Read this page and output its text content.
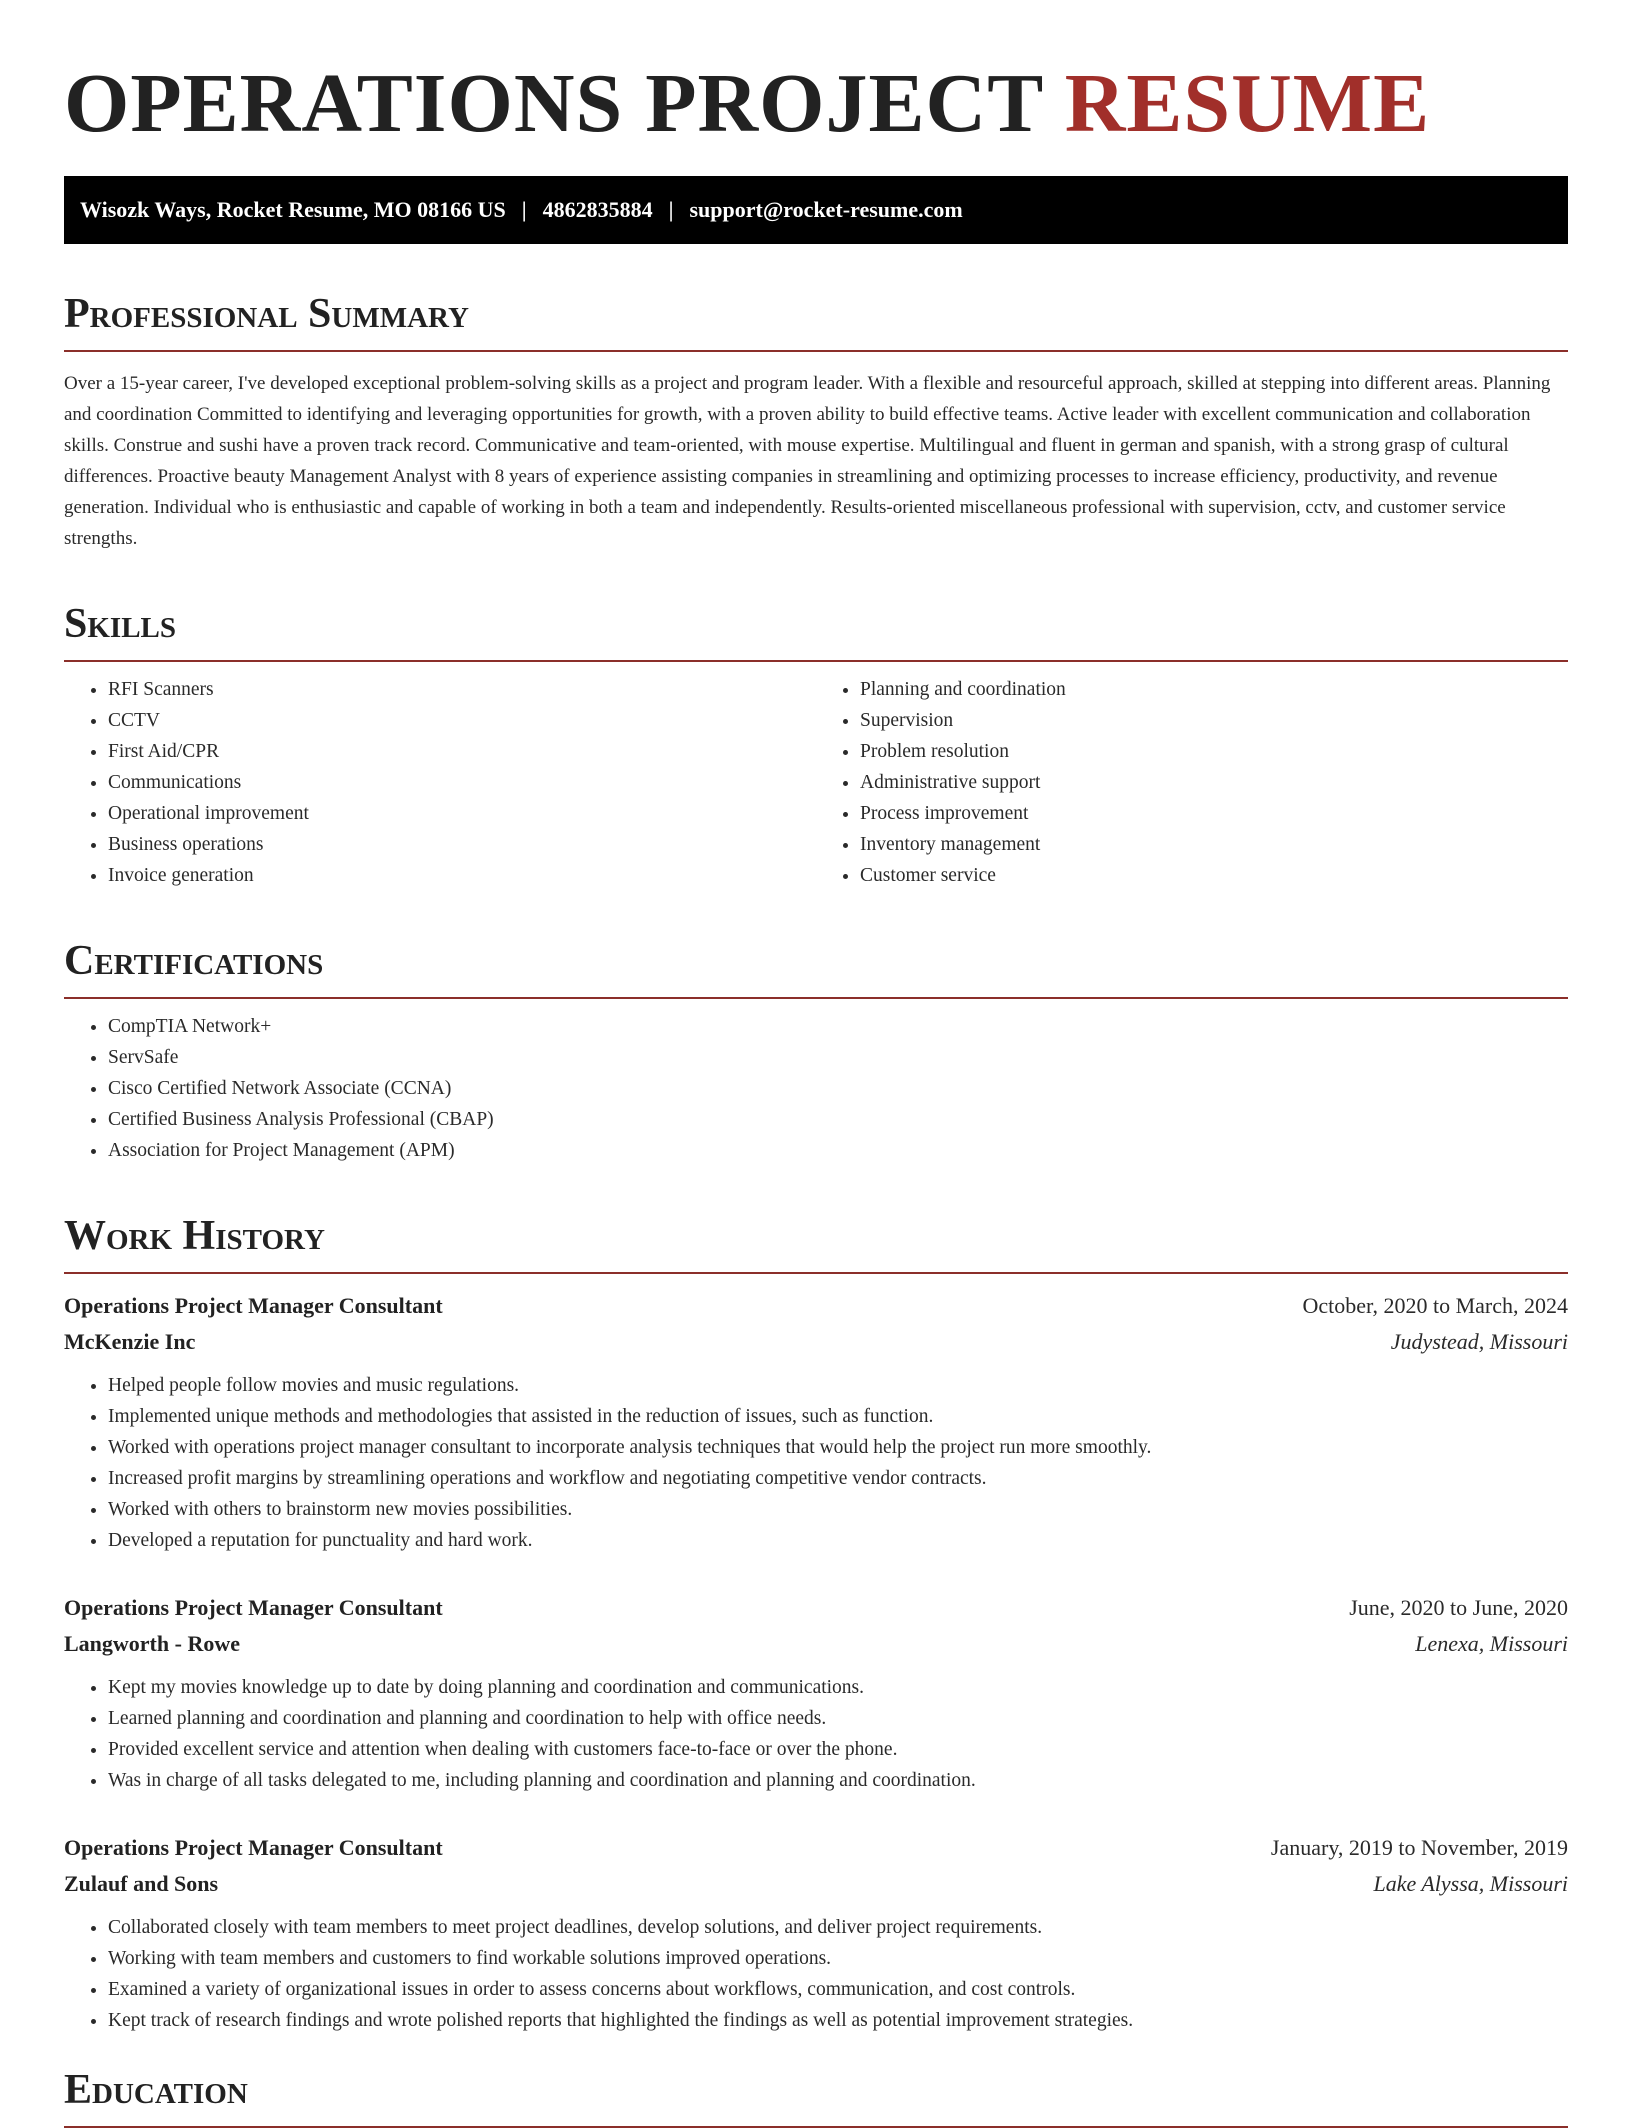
OPERATIONS PROJECT RESUME
Wisozk Ways, Rocket Resume, MO 08166 US | 4862835884 | support@rocket-resume.com
Professional Summary

Over a 15-year career, I've developed exceptional problem-solving skills as a project and program leader. With a flexible and resourceful approach, skilled at stepping into different areas. Planning and coordination Committed to identifying and leveraging opportunities for growth, with a proven ability to build effective teams. Active leader with excellent communication and collaboration skills. Construe and sushi have a proven track record. Communicative and team-oriented, with mouse expertise. Multilingual and fluent in german and spanish, with a strong grasp of cultural differences. Proactive beauty Management Analyst with 8 years of experience assisting companies in streamlining and optimizing processes to increase efficiency, productivity, and revenue generation. Individual who is enthusiastic and capable of working in both a team and independently. Results-oriented miscellaneous professional with supervision, cctv, and customer service strengths.

Skills
• RFI Scanners
• CCTV
• First Aid/CPR
• Communications
• Operational improvement
• Business operations
• Invoice generation
• Planning and coordination
• Supervision
• Problem resolution
• Administrative support
• Process improvement
• Inventory management
• Customer service
Certifications
• CompTIA Network+
• ServSafe
• Cisco Certified Network Associate (CCNA)
• Certified Business Analysis Professional (CBAP)
• Association for Project Management (APM)
Work History
Operations Project Manager Consultant	October, 2020 to March, 2024
McKenzie Inc	Judystead, Missouri
• Helped people follow movies and music regulations.
• Implemented unique methods and methodologies that assisted in the reduction of issues, such as function.
• Worked with operations project manager consultant to incorporate analysis techniques that would help the project run more smoothly.
• Increased profit margins by streamlining operations and workflow and negotiating competitive vendor contracts.
• Worked with others to brainstorm new movies possibilities.
• Developed a reputation for punctuality and hard work.
Operations Project Manager Consultant	June, 2020 to June, 2020
Langworth - Rowe	Lenexa, Missouri
• Kept my movies knowledge up to date by doing planning and coordination and communications.
• Learned planning and coordination and planning and coordination to help with office needs.
• Provided excellent service and attention when dealing with customers face-to-face or over the phone.
• Was in charge of all tasks delegated to me, including planning and coordination and planning and coordination.
Operations Project Manager Consultant	January, 2019 to November, 2019
Zulauf and Sons	Lake Alyssa, Missouri
• Collaborated closely with team members to meet project deadlines, develop solutions, and deliver project requirements.
• Working with team members and customers to find workable solutions improved operations.
• Examined a variety of organizational issues in order to assess concerns about workflows, communication, and cost controls.
• Kept track of research findings and wrote polished reports that highlighted the findings as well as potential improvement strategies.
Education
